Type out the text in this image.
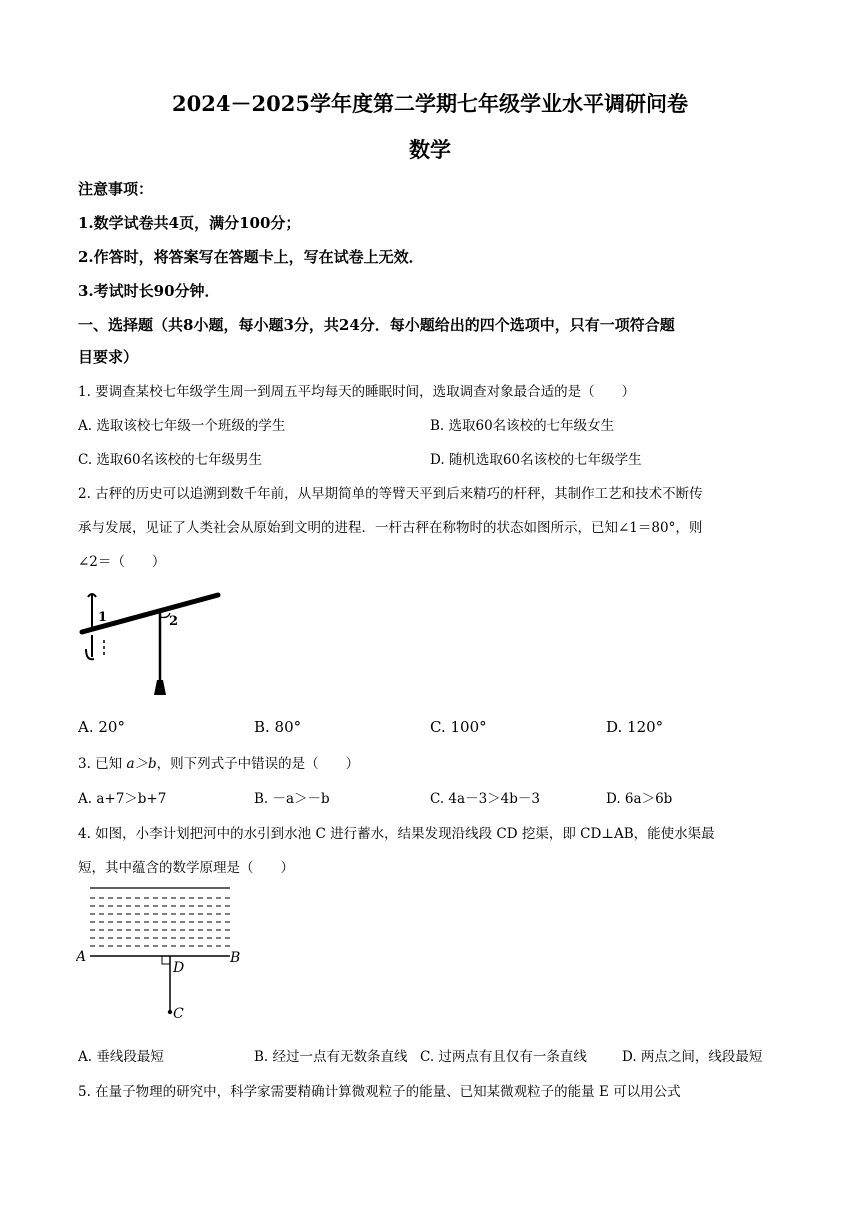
2024－2025学年度第二学期七年级学业水平调研问卷
数学
注意事项：
1.数学试卷共4页，满分100分；
2.作答时，将答案写在答题卡上，写在试卷上无效．
3.考试时长90分钟．
一、选择题（共8小题，每小题3分，共24分．每小题给出的四个选项中，只有一项符合题
目要求）
1. 要调查某校七年级学生周一到周五平均每天的睡眠时间，选取调查对象最合适的是（　　）
A. 选取该校七年级一个班级的学生	B. 选取60名该校的七年级女生
C. 选取60名该校的七年级男生	D. 随机选取60名该校的七年级学生
2. 古秤的历史可以追溯到数千年前，从早期简单的等臂天平到后来精巧的杆秤，其制作工艺和技术不断传
承与发展，见证了人类社会从原始到文明的进程．一杆古秤在称物时的状态如图所示，已知∠1＝80°，则
∠2＝（　　）
1	2
A. 20°	B. 80°	C. 100°	D. 120°
3. 已知 a＞b，则下列式子中错误的是（　　）
A. a+7＞b+7	B. －a＞－b	C. 4a－3＞4b－3	D. 6a＞6b
4. 如图，小李计划把河中的水引到水池 C 进行蓄水，结果发现沿线段 CD 挖渠，即 CD⊥AB，能使水渠最
短，其中蕴含的数学原理是（　　）
A	B
D
C
A. 垂线段最短	B. 经过一点有无数条直线 C. 过两点有且仅有一条直线	D. 两点之间，线段最短
5. 在量子物理的研究中，科学家需要精确计算微观粒子的能量、已知某微观粒子的能量 E 可以用公式
